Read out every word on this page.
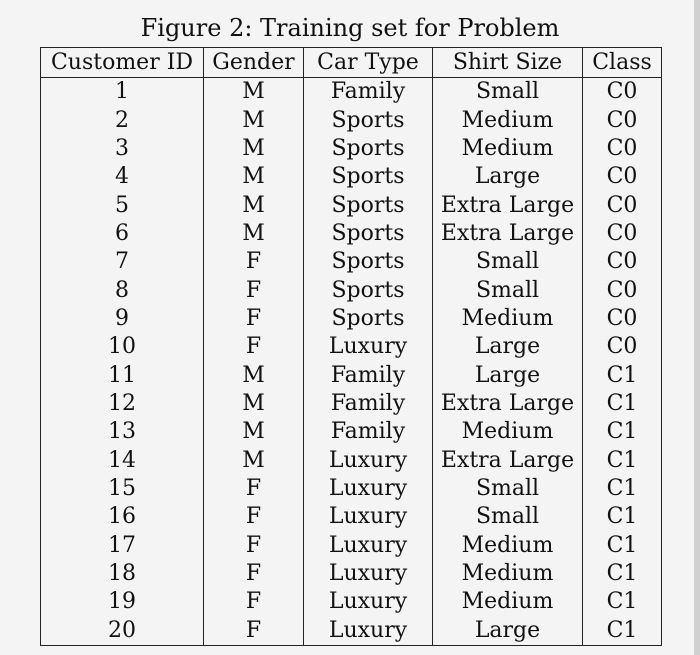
Figure 2: Training set for Problem
Customer ID	Gender	Car Type	Shirt Size	Class
1	M	Family	Small	C0
2	M	Sports	Medium	C0
3	M	Sports	Medium	C0
4	M	Sports	Large	C0
5	M	Sports	Extra Large	C0
6	M	Sports	Extra Large	C0
7	F	Sports	Small	C0
8	F	Sports	Small	C0
9	F	Sports	Medium	C0
10	F	Luxury	Large	C0
11	M	Family	Large	C1
12	M	Family	Extra Large	C1
13	M	Family	Medium	C1
14	M	Luxury	Extra Large	C1
15	F	Luxury	Small	C1
16	F	Luxury	Small	C1
17	F	Luxury	Medium	C1
18	F	Luxury	Medium	C1
19	F	Luxury	Medium	C1
20	F	Luxury	Large	C1
